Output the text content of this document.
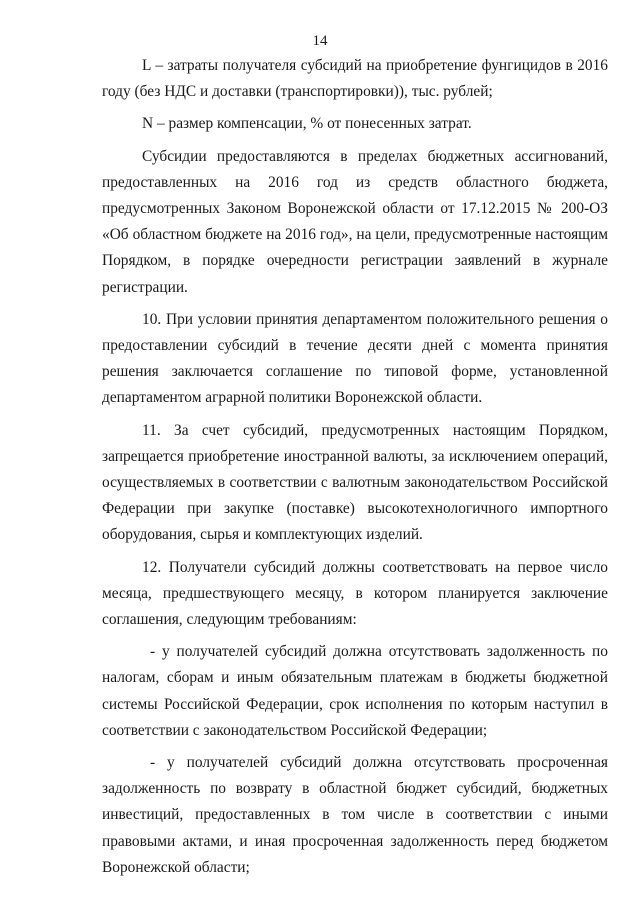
14

L – затраты получателя субсидий на приобретение фунгицидов в 2016 году (без НДС и доставки (транспортировки)), тыс. рублей;

N – размер компенсации, % от понесенных затрат.

Субсидии предоставляются в пределах бюджетных ассигнований, предоставленных на 2016 год из средств областного бюджета, предусмотренных Законом Воронежской области от 17.12.2015 № 200-ОЗ «Об областном бюджете на 2016 год», на цели, предусмотренные настоящим Порядком, в порядке очередности регистрации заявлений в журнале регистрации.

10. При условии принятия департаментом положительного решения о предоставлении субсидий в течение десяти дней с момента принятия решения заключается соглашение по типовой форме, установленной департаментом аграрной политики Воронежской области.

11. За счет субсидий, предусмотренных настоящим Порядком, запрещается приобретение иностранной валюты, за исключением операций, осуществляемых в соответствии с валютным законодательством Российской Федерации при закупке (поставке) высокотехнологичного импортного оборудования, сырья и комплектующих изделий.

12. Получатели субсидий должны соответствовать на первое число месяца, предшествующего месяцу, в котором планируется заключение соглашения, следующим требованиям:

- у получателей субсидий должна отсутствовать задолженность по налогам, сборам и иным обязательным платежам в бюджеты бюджетной системы Российской Федерации, срок исполнения по которым наступил в соответствии с законодательством Российской Федерации;

- у получателей субсидий должна отсутствовать просроченная задолженность по возврату в областной бюджет субсидий, бюджетных инвестиций, предоставленных в том числе в соответствии с иными правовыми актами, и иная просроченная задолженность перед бюджетом Воронежской области;
